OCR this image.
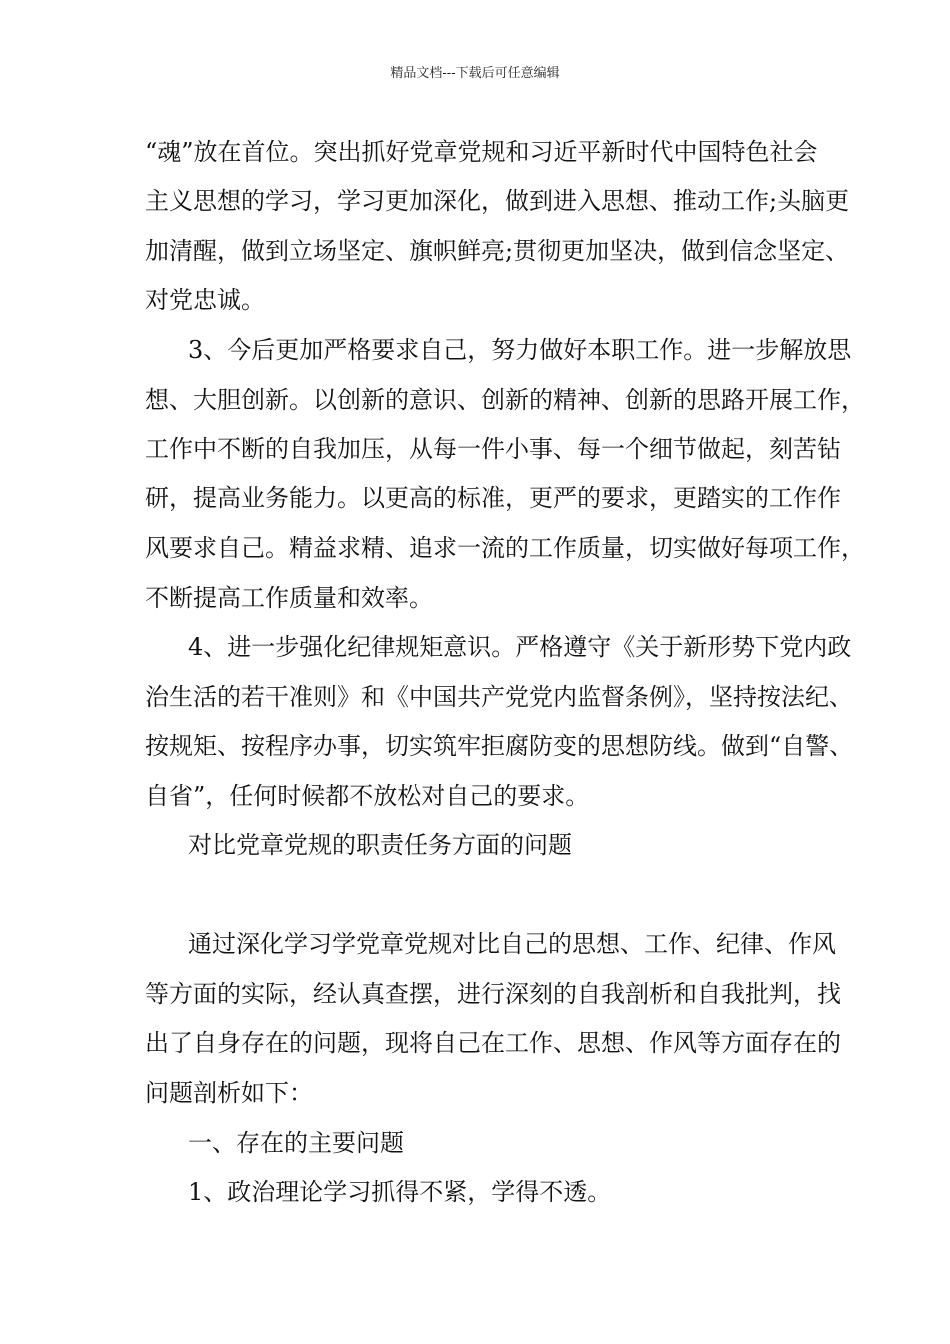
精品文档---下载后可任意编辑
“魂”放在首位。突出抓好党章党规和习近平新时代中国特色社会
主义思想的学习，学习更加深化，做到进入思想、推动工作;头脑更
加清醒，做到立场坚定、旗帜鲜亮;贯彻更加坚决，做到信念坚定、
对党忠诚。
3、今后更加严格要求自己，努力做好本职工作。进一步解放思
想、大胆创新。以创新的意识、创新的精神、创新的思路开展工作，
工作中不断的自我加压，从每一件小事、每一个细节做起，刻苦钻
研，提高业务能力。以更高的标准，更严的要求，更踏实的工作作
风要求自己。精益求精、追求一流的工作质量，切实做好每项工作，
不断提高工作质量和效率。
4、进一步强化纪律规矩意识。严格遵守《关于新形势下党内政
治生活的若干准则》和《中国共产党党内监督条例》，坚持按法纪、
按规矩、按程序办事，切实筑牢拒腐防变的思想防线。做到“自警、
自省”，任何时候都不放松对自己的要求。
对比党章党规的职责任务方面的问题
通过深化学习学党章党规对比自己的思想、工作、纪律、作风
等方面的实际，经认真查摆，进行深刻的自我剖析和自我批判，找
出了自身存在的问题，现将自己在工作、思想、作风等方面存在的
问题剖析如下：
一、存在的主要问题
1、政治理论学习抓得不紧，学得不透。
